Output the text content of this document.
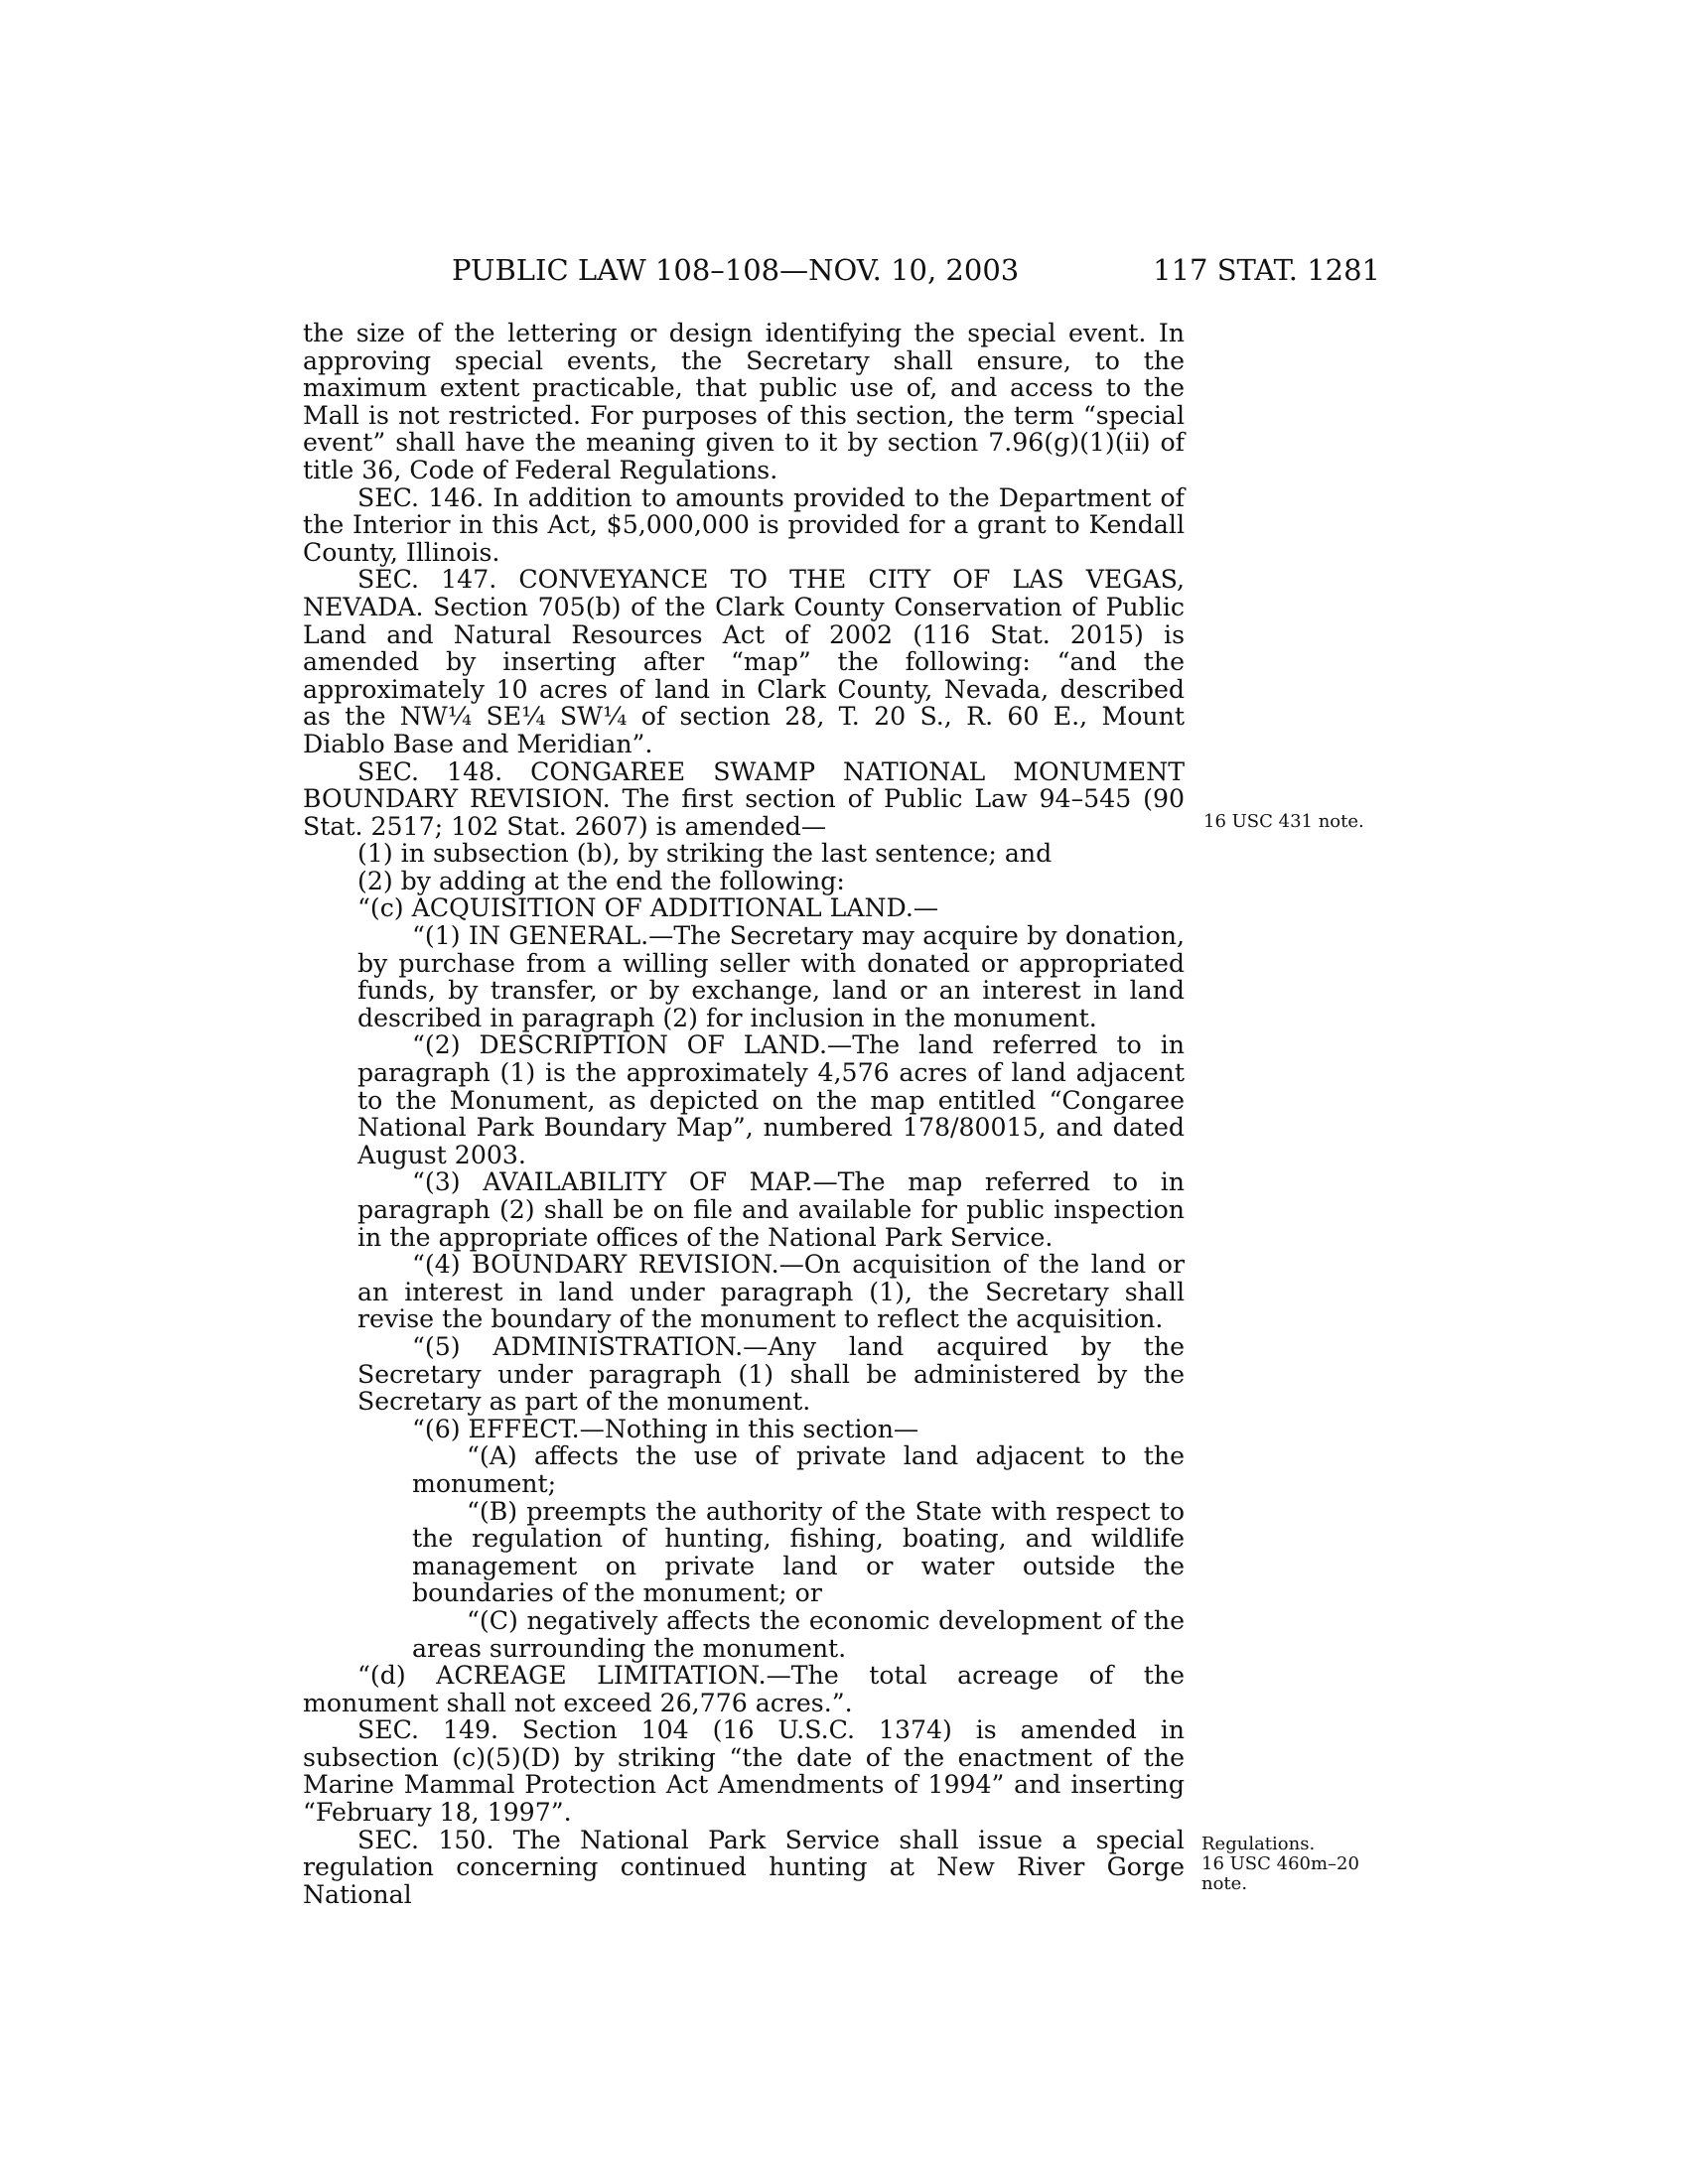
PUBLIC LAW 108–108—NOV. 10, 2003	117 STAT. 1281

the size of the lettering or design identifying the special event. In approving special events, the Secretary shall ensure, to the maximum extent practicable, that public use of, and access to the Mall is not restricted. For purposes of this section, the term “special event” shall have the meaning given to it by section 7.96(g)(1)(ii) of title 36, Code of Federal Regulations.

SEC. 146. In addition to amounts provided to the Department of the Interior in this Act, $5,000,000 is provided for a grant to Kendall County, Illinois.

SEC. 147. CONVEYANCE TO THE CITY OF LAS VEGAS, NEVADA. Section 705(b) of the Clark County Conservation of Public Land and Natural Resources Act of 2002 (116 Stat. 2015) is amended by inserting after “map” the following: “and the approximately 10 acres of land in Clark County, Nevada, described as the NW¼ SE¼ SW¼ of section 28, T. 20 S., R. 60 E., Mount Diablo Base and Meridian”.

SEC. 148. CONGAREE SWAMP NATIONAL MONUMENT BOUNDARY REVISION. The first section of Public Law 94–545 (90 Stat. 2517; 102 Stat. 2607) is amended—

(1) in subsection (b), by striking the last sentence; and

(2) by adding at the end the following:

“(c) ACQUISITION OF ADDITIONAL LAND.—

“(1) IN GENERAL.—The Secretary may acquire by donation, by purchase from a willing seller with donated or appropriated funds, by transfer, or by exchange, land or an interest in land described in paragraph (2) for inclusion in the monument.

“(2) DESCRIPTION OF LAND.—The land referred to in paragraph (1) is the approximately 4,576 acres of land adjacent to the Monument, as depicted on the map entitled “Congaree National Park Boundary Map”, numbered 178/80015, and dated August 2003.

“(3) AVAILABILITY OF MAP.—The map referred to in paragraph (2) shall be on file and available for public inspection in the appropriate offices of the National Park Service.

“(4) BOUNDARY REVISION.—On acquisition of the land or an interest in land under paragraph (1), the Secretary shall revise the boundary of the monument to reflect the acquisition.

“(5) ADMINISTRATION.—Any land acquired by the Secretary under paragraph (1) shall be administered by the Secretary as part of the monument.

“(6) EFFECT.—Nothing in this section—

“(A) affects the use of private land adjacent to the monument;

“(B) preempts the authority of the State with respect to the regulation of hunting, fishing, boating, and wildlife management on private land or water outside the boundaries of the monument; or

“(C) negatively affects the economic development of the areas surrounding the monument.

“(d) ACREAGE LIMITATION.—The total acreage of the monument shall not exceed 26,776 acres.”.

SEC. 149. Section 104 (16 U.S.C. 1374) is amended in subsection (c)(5)(D) by striking “the date of the enactment of the Marine Mammal Protection Act Amendments of 1994” and inserting “February 18, 1997”.

SEC. 150. The National Park Service shall issue a special regulation concerning continued hunting at New River Gorge National

16 USC 431 note.
Regulations.
16 USC 460m–20 note.
